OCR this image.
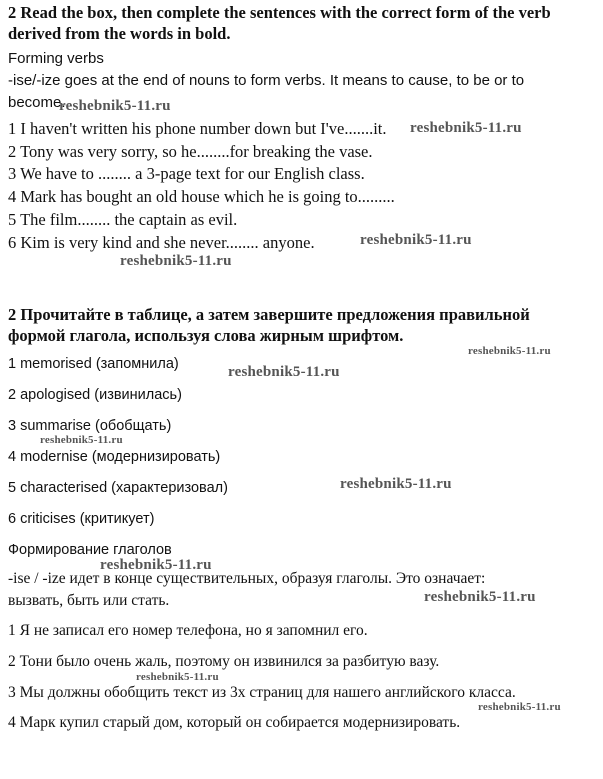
2 Read the box, then complete the sentences with the correct form of the verb
derived from the words in bold.
Forming verbs
-ise/-ize goes at the end of nouns to form verbs. It means to cause, to be or to
become.
1 I haven't written his phone number down but I've.......it.
2 Tony was very sorry, so he........for breaking the vase.
3 We have to ........ a 3-page text for our English class.
4 Mark has bought an old house which he is going to.........
5 The film........ the captain as evil.
6 Kim is very kind and she never........ anyone.
2 Прочитайте в таблице, а затем завершите предложения правильной
формой глагола, используя слова жирным шрифтом.
1 memorised (запомнила)
2 apologised (извинилась)
3 summarise (обобщать)
4 modernise (модернизировать)
5 characterised (характеризовал)
6 criticises (критикует)
Формирование глаголов
-ise / -ize идет в конце существительных, образуя глаголы. Это означает:
вызвать, быть или стать.
1 Я не записал его номер телефона, но я запомнил его.
2 Тони было очень жаль, поэтому он извинился за разбитую вазу.
3 Мы должны обобщить текст из 3х страниц для нашего английского класса.
4 Марк купил старый дом, который он собирается модернизировать.
reshebnik5-11.ru
reshebnik5-11.ru
reshebnik5-11.ru
reshebnik5-11.ru
reshebnik5-11.ru
reshebnik5-11.ru
reshebnik5-11.ru
reshebnik5-11.ru
reshebnik5-11.ru
reshebnik5-11.ru
reshebnik5-11.ru
reshebnik5-11.ru
